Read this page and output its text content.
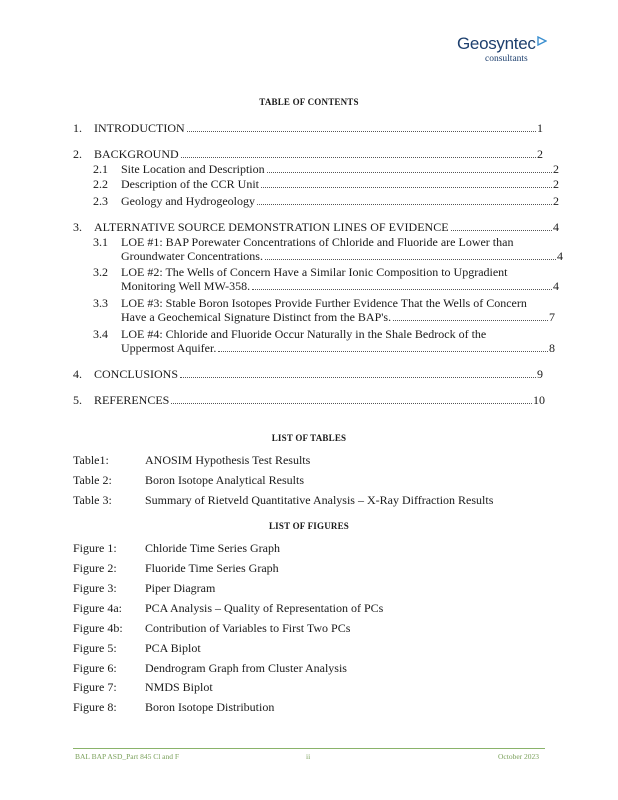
Geosyntec
consultants
TABLE OF CONTENTS
1.	INTRODUCTION	1
2.	BACKGROUND	2
2.1	Site Location and Description	2
2.2	Description of the CCR Unit	2
2.3	Geology and Hydrogeology	2
3.	ALTERNATIVE SOURCE DEMONSTRATION LINES OF EVIDENCE	4
3.1	LOE #1: BAP Porewater Concentrations of Chloride and Fluoride are Lower than
Groundwater Concentrations.	4
3.2	LOE #2: The Wells of Concern Have a Similar Ionic Composition to Upgradient
Monitoring Well MW-358.	4
3.3	LOE #3: Stable Boron Isotopes Provide Further Evidence That the Wells of Concern
Have a Geochemical Signature Distinct from the BAP's.	7
3.4	LOE #4: Chloride and Fluoride Occur Naturally in the Shale Bedrock of the
Uppermost Aquifer.	8
4.	CONCLUSIONS	9
5.	REFERENCES	10
LIST OF TABLES
Table1:	ANOSIM Hypothesis Test Results
Table 2:	Boron Isotope Analytical Results
Table 3:	Summary of Rietveld Quantitative Analysis – X-Ray Diffraction Results
LIST OF FIGURES
Figure 1: Chloride Time Series Graph
Figure 2: Fluoride Time Series Graph
Figure 3: Piper Diagram
Figure 4a: PCA Analysis – Quality of Representation of PCs
Figure 4b: Contribution of Variables to First Two PCs
Figure 5: PCA Biplot
Figure 6: Dendrogram Graph from Cluster Analysis
Figure 7: NMDS Biplot
Figure 8: Boron Isotope Distribution
BAL BAP ASD_Part 845 Cl and F	ii	October 2023
